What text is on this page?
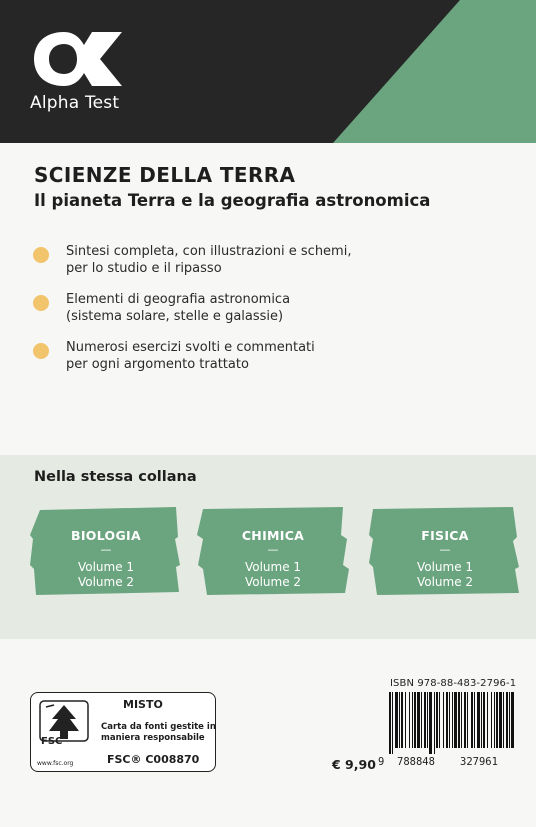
Alpha Test
SCIENZE DELLA TERRA
Il pianeta Terra e la geografia astronomica
Sintesi completa, con illustrazioni e schemi,
per lo studio e il ripasso
Elementi di geografia astronomica
(sistema solare, stelle e galassie)
Numerosi esercizi svolti e commentati
per ogni argomento trattato
Nella stessa collana
BIOLOGIA
—
Volume 1
Volume 2
CHIMICA
—
Volume 1
Volume 2
FISICA
—
Volume 1
Volume 2
FSC
www.fsc.org
MISTO
Carta da fonti gestite in maniera responsabile
FSC® C008870	€ 9,90
ISBN 978-88-483-2796-1
9 788848 327961
